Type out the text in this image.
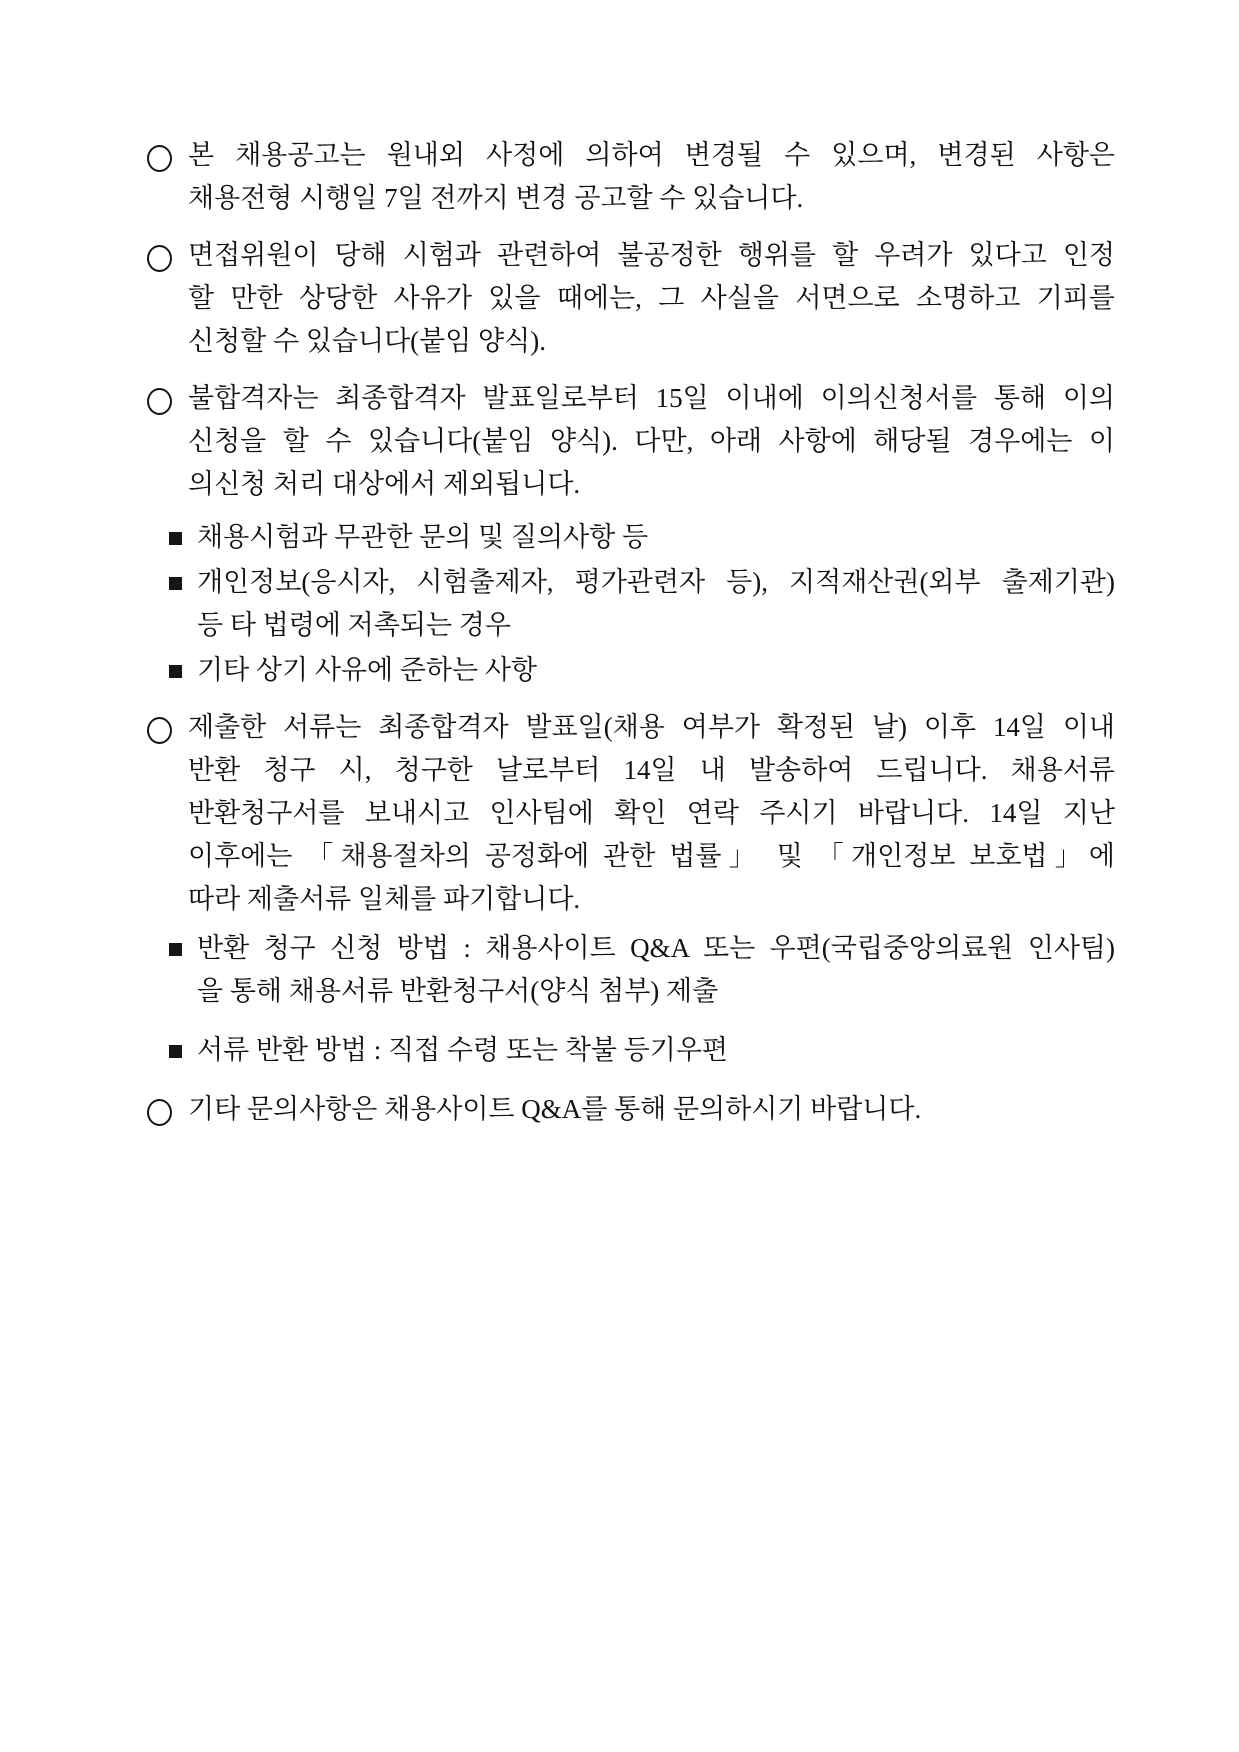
본 채용공고는 원내외 사정에 의하여 변경될 수 있으며, 변경된 사항은
채용전형 시행일 7일 전까지 변경 공고할 수 있습니다.
면접위원이 당해 시험과 관련하여 불공정한 행위를 할 우려가 있다고 인정
할 만한 상당한 사유가 있을 때에는, 그 사실을 서면으로 소명하고 기피를
신청할 수 있습니다(붙임 양식).
불합격자는 최종합격자 발표일로부터 15일 이내에 이의신청서를 통해 이의
신청을 할 수 있습니다(붙임 양식). 다만, 아래 사항에 해당될 경우에는 이
의신청 처리 대상에서 제외됩니다.
채용시험과 무관한 문의 및 질의사항 등
개인정보(응시자, 시험출제자, 평가관련자 등), 지적재산권(외부 출제기관)
등 타 법령에 저촉되는 경우
기타 상기 사유에 준하는 사항
제출한 서류는 최종합격자 발표일(채용 여부가 확정된 날) 이후 14일 이내
반환 청구 시, 청구한 날로부터 14일 내 발송하여 드립니다. 채용서류
반환청구서를 보내시고 인사팀에 확인 연락 주시기 바랍니다. 14일 지난
이후에는 「채용절차의 공정화에 관한 법률」 및 「개인정보 보호법」에
따라 제출서류 일체를 파기합니다.
반환 청구 신청 방법 : 채용사이트 Q&A 또는 우편(국립중앙의료원 인사팀)
을 통해 채용서류 반환청구서(양식 첨부) 제출
서류 반환 방법 : 직접 수령 또는 착불 등기우편
기타 문의사항은 채용사이트 Q&A를 통해 문의하시기 바랍니다.
